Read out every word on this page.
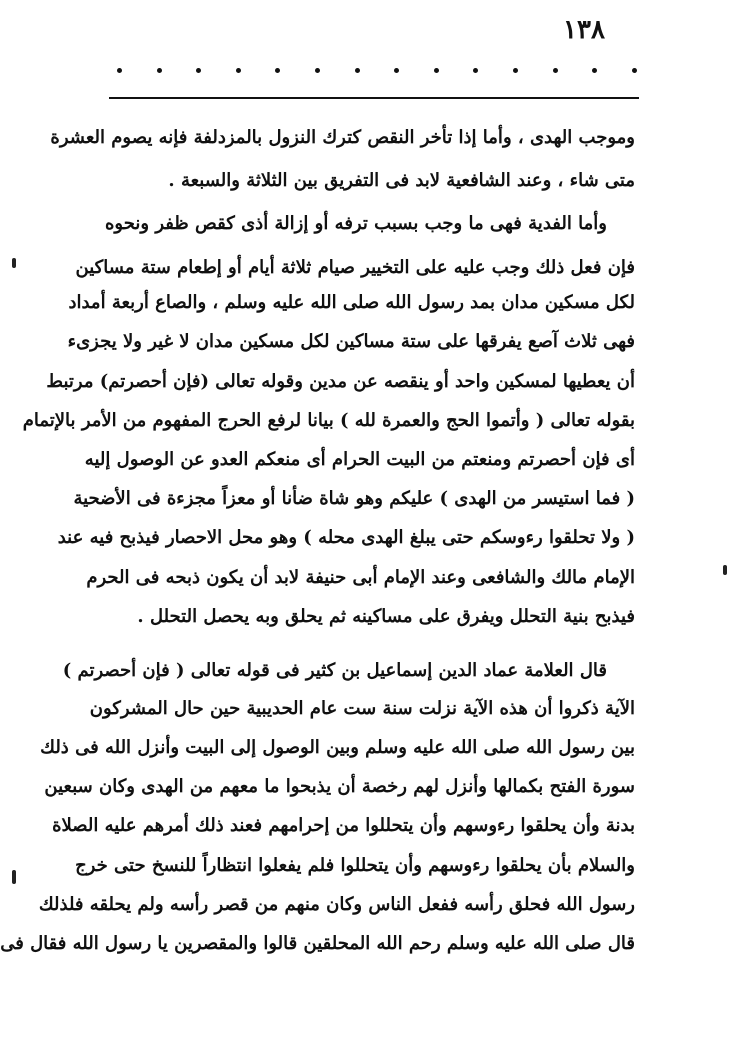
١٣٨
وموجب الهدى ، وأما إذا تأخر النقص كترك النزول بالمزدلفة فإنه يصوم العشرة
متى شاء ، وعند الشافعية لابد فى التفريق بين الثلاثة والسبعة .
وأما الفدية فهى ما وجب بسبب ترفه أو إزالة أذى كقص ظفر ونحوه
فإن فعل ذلك وجب عليه على التخيير صيام ثلاثة أيام أو إطعام ستة مساكين
لكل مسكين مدان بمد رسول الله صلى الله عليه وسلم ، والصاع أربعة أمداد
فهى ثلاث آصع يفرقها على ستة مساكين لكل مسكين مدان لا غير ولا يجزىء
أن يعطيها لمسكين واحد أو ينقصه عن مدين وقوله تعالى (فإن أحصرتم) مرتبط
بقوله تعالى ( وأتموا الحج والعمرة لله ) بيانا لرفع الحرج المفهوم من الأمر بالإتمام
أى فإن أحصرتم ومنعتم من البيت الحرام أى منعكم العدو عن الوصول إليه
( فما استيسر من الهدى ) عليكم وهو شاة ضأنا أو معزاً مجزءة فى الأضحية
( ولا تحلقوا رءوسكم حتى يبلغ الهدى محله ) وهو محل الاحصار فيذبح فيه عند
الإمام مالك والشافعى وعند الإمام أبى حنيفة لابد أن يكون ذبحه فى الحرم
فيذبح بنية التحلل ويفرق على مساكينه ثم يحلق وبه يحصل التحلل .
قال العلامة عماد الدين إسماعيل بن كثير فى قوله تعالى ( فإن أحصرتم )
الآية ذكروا أن هذه الآية نزلت سنة ست عام الحديبية حين حال المشركون
بين رسول الله صلى الله عليه وسلم وبين الوصول إلى البيت وأنزل الله فى ذلك
سورة الفتح بكمالها وأنزل لهم رخصة أن يذبحوا ما معهم من الهدى وكان سبعين
بدنة وأن يحلقوا رءوسهم وأن يتحللوا من إحرامهم فعند ذلك أمرهم عليه الصلاة
والسلام بأن يحلقوا رءوسهم وأن يتحللوا فلم يفعلوا انتظاراً للنسخ حتى خرج
رسول الله فحلق رأسه ففعل الناس وكان منهم من قصر رأسه ولم يحلقه فلذلك
قال صلى الله عليه وسلم رحم الله المحلقين قالوا والمقصرين يا رسول الله فقال فى
